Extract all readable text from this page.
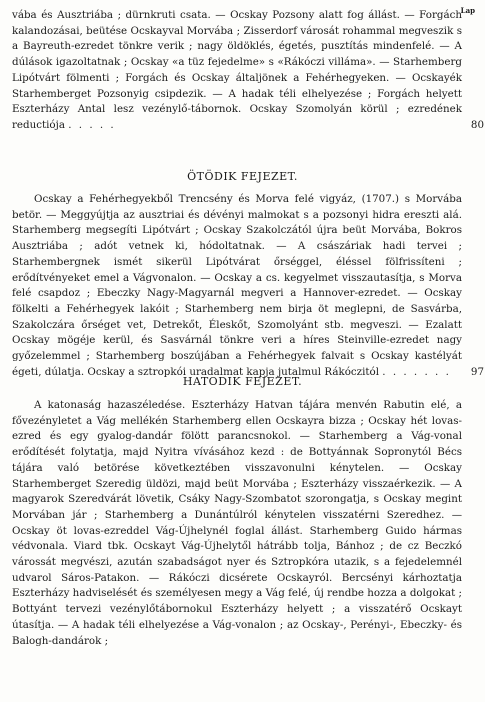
Lap
vába és Ausztriába ; dürnkruti csata. — Ocskay Pozsony alatt fog állást. — Forgách kalandozásai, beütése Ocskayval Morvába ; Zisserdorf városát rohammal megveszik s a Bayreuth-ezredet tönkre verik ; nagy öldöklés, égetés, pusztítás mindenfelé. — A dúlások igazoltatnak ; Ocskay «a tüz fejedelme» s «Rákóczi villáma». — Starhemberg Lipótvárt fölmenti ; Forgách és Ocskay általjönek a Fehérhegyeken. — Ocskayék Starhemberget Pozsonyig csipdezik. — A hadak téli elhelyezése ; Forgách helyett Eszterházy Antal lesz vezénylő-tábornok. Ocskay Szomolyán körül ; ezredének reductiója . . . . .	80
ÖTÖDIK FEJEZET.
Ocskay a Fehérhegyekből Trencsény és Morva felé vigyáz, (1707.) s Morvába betör. — Meggyújtja az ausztriai és dévényi malmokat s a pozsonyi hidra ereszti alá. Starhemberg megsegíti Lipótvárt ; Ocskay Szakolczától újra beüt Morvába, Bokros Ausztriába ; adót vetnek ki, hódoltatnak. — A császáriak hadi tervei ; Starhembergnek ismét sikerül Lipótvárat őrséggel, éléssel fölfrissíteni ; erődítvényeket emel a Vágvonalon. — Ocskay a cs. kegyelmet visszautasítja, s Morva felé csapdoz ; Ebeczky Nagy-Magyarnál megveri a Hannover-ezredet. — Ocskay fölkelti a Fehérhegyek lakóit ; Starhemberg nem birja öt meglepni, de Sasvárba, Szakolczára őrséget vet, Detrekőt, Éleskőt, Szomolyánt stb. megveszi. — Ezalatt Ocskay mögéje kerül, és Sasvárnál tönkre veri a híres Steinville-ezredet nagy győzelemmel ; Starhemberg boszújában a Fehérhegyek falvait s Ocskay kastélyát égeti, dúlatja. Ocskay a sztropkói uradalmat kapja jutalmul Rákóczitól . . . . . . .	97
HATODIK FEJEZET.
A katonaság hazaszéledése. Eszterházy Hatvan tájára menvén Rabutin elé, a fővezényletet a Vág mellékén Starhemberg ellen Ocskayra bizza ; Ocskay hét lovas-ezred és egy gyalog-dandár fölött parancsnokol. — Starhemberg a Vág-vonal erődítését folytatja, majd Nyitra vívásához kezd : de Bottyánnak Sopronytól Bécs tájára való betörése következtében visszavonulni kénytelen. — Ocskay Starhemberget Szeredig üldözi, majd beüt Morvába ; Eszterházy visszaérkezik. — A magyarok Szeredvárát lövetik, Csáky Nagy-Szombatot szorongatja, s Ocskay megint Morvában jár ; Starhemberg a Dunántúlról kénytelen visszatérni Szeredhez. — Ocskay öt lovas-ezreddel Vág-Újhelynél foglal állást. Starhemberg Guido hármas védvonala. Viard tbk. Ocskayt Vág-Újhelytől hátrább tolja, Bánhoz ; de cz Beczkó várossát megvészi, azután szabadságot nyer és Sztropkóra utazik, s a fejedelemnél udvarol Sáros-Patakon. — Rákóczi dicsérete Ocskayról. Bercsényi kárhoztatja Eszterházy hadviselését és személyesen megy a Vág felé, új rendbe hozza a dolgokat ; Bottyánt tervezi vezénylőtábornokul Eszterházy helyett ; a visszatérő Ocskayt útasítja. — A hadak téli elhelyezése a Vág-vonalon ; az Ocskay-, Perényi-, Ebeczky- és Balogh-dandárok ;
